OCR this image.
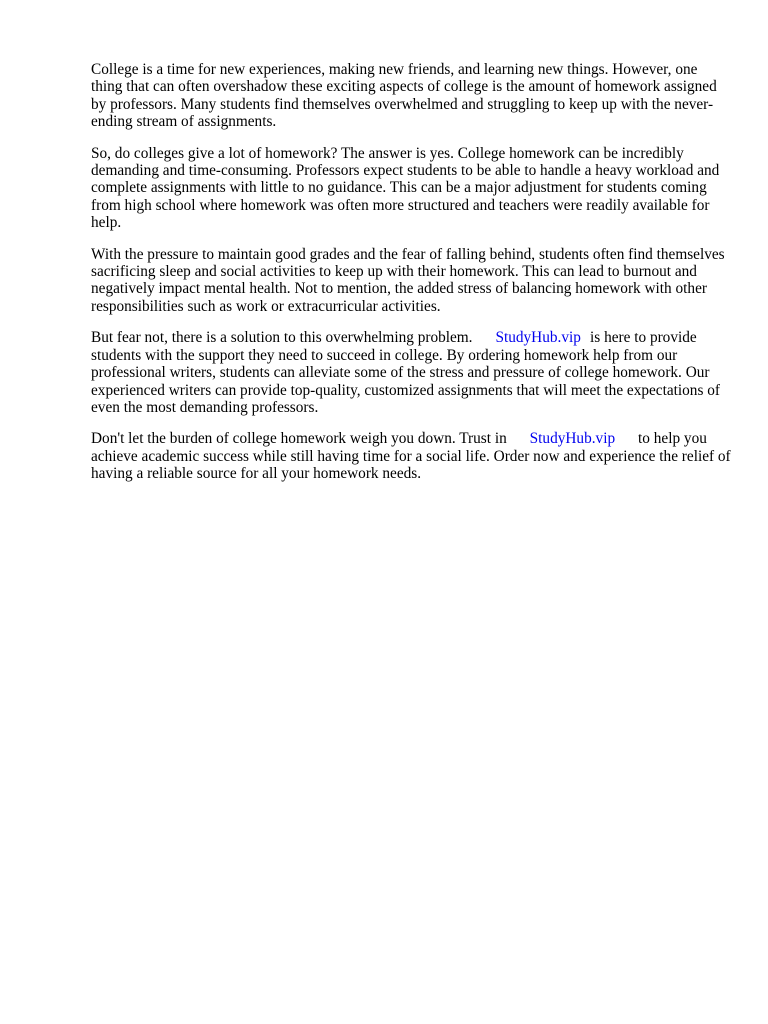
College is a time for new experiences, making new friends, and learning new things. However, one thing that can often overshadow these exciting aspects of college is the amount of homework assigned by professors. Many students find themselves overwhelmed and struggling to keep up with the never-ending stream of assignments.

So, do colleges give a lot of homework? The answer is yes. College homework can be incredibly demanding and time-consuming. Professors expect students to be able to handle a heavy workload and complete assignments with little to no guidance. This can be a major adjustment for students coming from high school where homework was often more structured and teachers were readily available for help.

With the pressure to maintain good grades and the fear of falling behind, students often find themselves sacrificing sleep and social activities to keep up with their homework. This can lead to burnout and negatively impact mental health. Not to mention, the added stress of balancing homework with other responsibilities such as work or extracurricular activities.

But fear not, there is a solution to this overwhelming problem. StudyHub.vip is here to provide students with the support they need to succeed in college. By ordering homework help from our professional writers, students can alleviate some of the stress and pressure of college homework. Our experienced writers can provide top-quality, customized assignments that will meet the expectations of even the most demanding professors.

Don't let the burden of college homework weigh you down. Trust in StudyHub.vip to help you achieve academic success while still having time for a social life. Order now and experience the relief of having a reliable source for all your homework needs.
